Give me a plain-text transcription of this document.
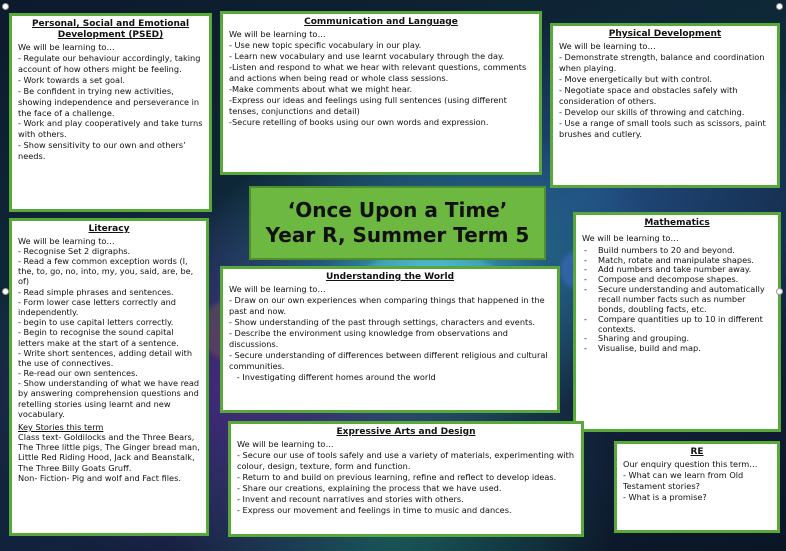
Personal, Social and Emotional Development (PSED)
We will be learning to…
- Regulate our behaviour accordingly, taking account of how others might be feeling.
- Work towards a set goal.
- Be confident in trying new activities, showing independence and perseverance in the face of a challenge.
- Work and play cooperatively and take turns with others.
- Show sensitivity to our own and others’ needs.
Communication and Language
We will be learning to…
- Use new topic specific vocabulary in our play.
- Learn new vocabulary and use learnt vocabulary through the day.
-Listen and respond to what we hear with relevant questions, comments and actions when being read or whole class sessions.
-Make comments about what we might hear.
-Express our ideas and feelings using full sentences (using different tenses, conjunctions and detail)
-Secure retelling of books using our own words and expression.
Physical Development
We will be learning to…
- Demonstrate strength, balance and coordination when playing.
- Move energetically but with control.
- Negotiate space and obstacles safely with consideration of others.
- Develop our skills of throwing and catching.
- Use a range of small tools such as scissors, paint brushes and cutlery.
‘Once Upon a Time’
Year R, Summer Term 5
Literacy
We will be learning to…
- Recognise Set 2 digraphs.
- Read a few common exception words (I, the, to, go, no, into, my, you, said, are, be, of)
- Read simple phrases and sentences.
- Form lower case letters correctly and independently.
- begin to use capital letters correctly.
- Begin to recognise the sound capital letters make at the start of a sentence.
- Write short sentences, adding detail with the use of connectives.
- Re-read our own sentences.
- Show understanding of what we have read by answering comprehension questions and retelling stories using learnt and new vocabulary.
Key Stories this term
Class text- Goldilocks and the Three Bears, The Three little pigs, The Ginger bread man, Little Red Riding Hood, Jack and Beanstalk, The Three Billy Goats Gruff.
Non- Fiction- Pig and wolf and Fact files.
Understanding the World
We will be learning to…
- Draw on our own experiences when comparing things that happened in the past and now.
- Show understanding of the past through settings, characters and events.
- Describe the environment using knowledge from observations and discussions.
- Secure understanding of differences between different religious and cultural communities.
- Investigating different homes around the world
Mathematics
We will be learning to…
- Build numbers to 20 and beyond.
- Match, rotate and manipulate shapes.
- Add numbers and take number away.
- Compose and decompose shapes.
- Secure understanding and automatically recall number facts such as number bonds, doubling facts, etc.
- Compare quantities up to 10 in different contexts.
- Sharing and grouping.
- Visualise, build and map.
Expressive Arts and Design
We will be learning to…
- Secure our use of tools safely and use a variety of materials, experimenting with colour, design, texture, form and function.
- Return to and build on previous learning, refine and reflect to develop ideas.
- Share our creations, explaining the process that we have used.
- Invent and recount narratives and stories with others.
- Express our movement and feelings in time to music and dances.
RE
Our enquiry question this term…
- What can we learn from Old Testament stories?
- What is a promise?
